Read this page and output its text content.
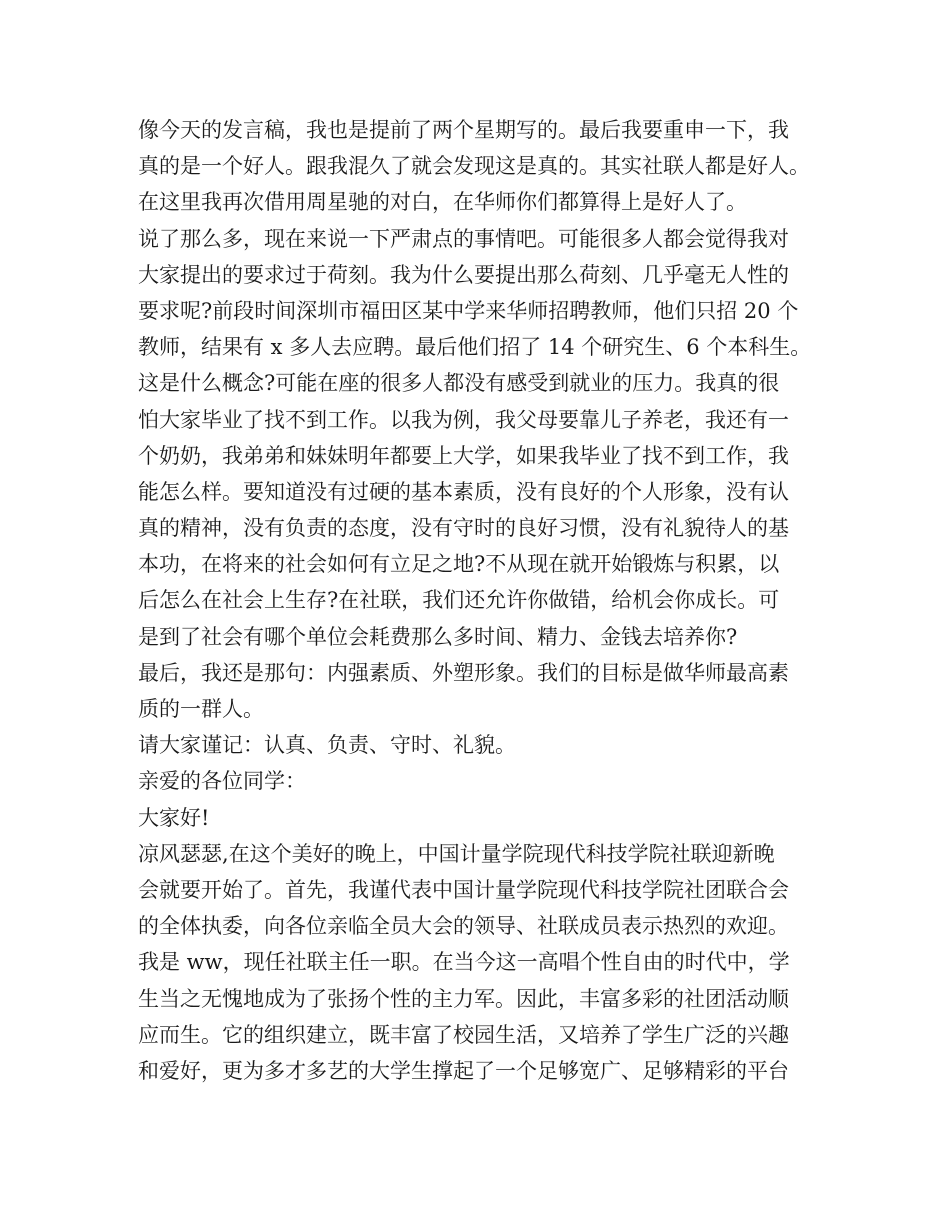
像今天的发言稿，我也是提前了两个星期写的。最后我要重申一下，我
真的是一个好人。跟我混久了就会发现这是真的。其实社联人都是好人。
在这里我再次借用周星驰的对白，在华师你们都算得上是好人了。
说了那么多，现在来说一下严肃点的事情吧。可能很多人都会觉得我对
大家提出的要求过于荷刻。我为什么要提出那么荷刻、几乎毫无人性的
要求呢?前段时间深圳市福田区某中学来华师招聘教师，他们只招 20 个
教师，结果有 x 多人去应聘。最后他们招了 14 个研究生、6 个本科生。
这是什么概念?可能在座的很多人都没有感受到就业的压力。我真的很
怕大家毕业了找不到工作。以我为例，我父母要靠儿子养老，我还有一
个奶奶，我弟弟和妹妹明年都要上大学，如果我毕业了找不到工作，我
能怎么样。要知道没有过硬的基本素质，没有良好的个人形象，没有认
真的精神，没有负责的态度，没有守时的良好习惯，没有礼貌待人的基
本功，在将来的社会如何有立足之地?不从现在就开始锻炼与积累，以
后怎么在社会上生存?在社联，我们还允许你做错，给机会你成长。可
是到了社会有哪个单位会耗费那么多时间、精力、金钱去培养你?
最后，我还是那句：内强素质、外塑形象。我们的目标是做华师最高素
质的一群人。
请大家谨记：认真、负责、守时、礼貌。
亲爱的各位同学：
大家好!
凉风瑟瑟,在这个美好的晚上，中国计量学院现代科技学院社联迎新晚
会就要开始了。首先，我谨代表中国计量学院现代科技学院社团联合会
的全体执委，向各位亲临全员大会的领导、社联成员表示热烈的欢迎。
我是 ww，现任社联主任一职。在当今这一高唱个性自由的时代中，学
生当之无愧地成为了张扬个性的主力军。因此，丰富多彩的社团活动顺
应而生。它的组织建立，既丰富了校园生活，又培养了学生广泛的兴趣
和爱好，更为多才多艺的大学生撑起了一个足够宽广、足够精彩的平台
